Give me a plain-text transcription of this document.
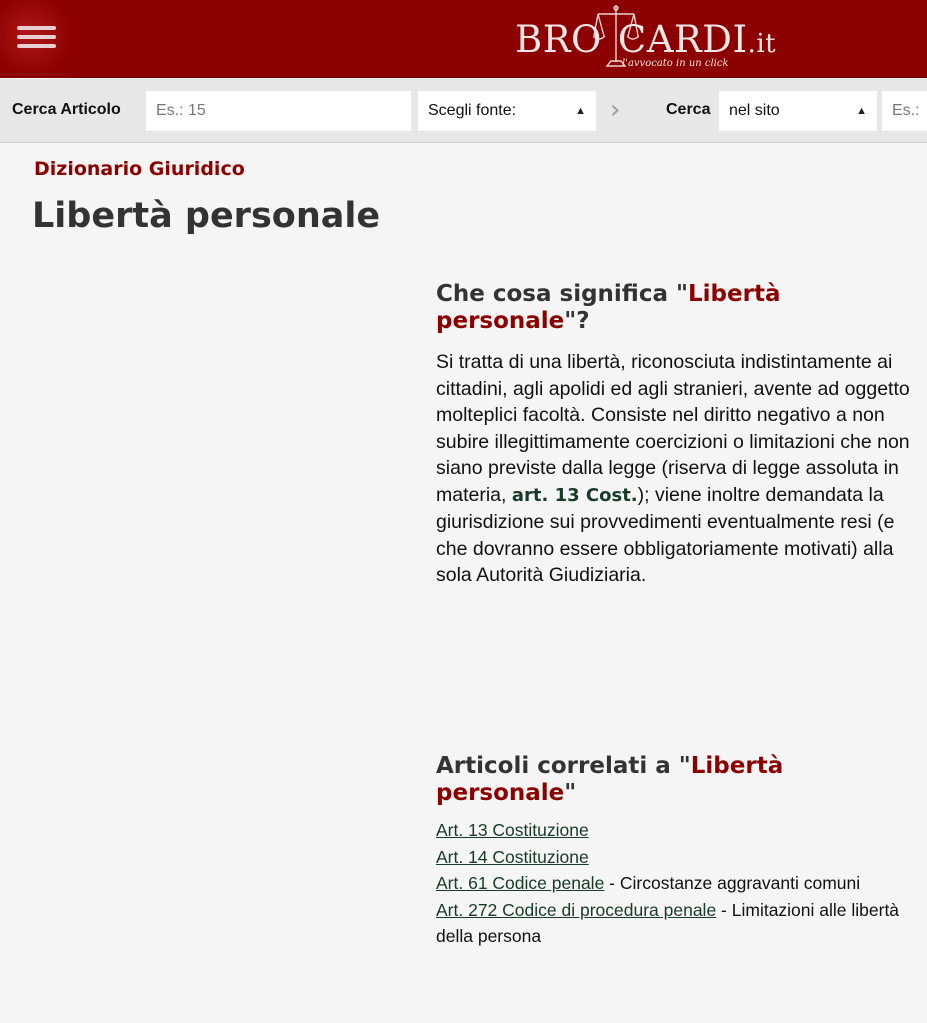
BRO CARDI.it
l'avvocato in un click
Cerca Articolo	Es.: 15	Scegli fonte:	▲ ›	Cerca	nel sito	▲	Es.:
Dizionario Giuridico
Libertà personale
Che cosa significa "Libertà personale"?

Si tratta di una libertà, riconosciuta indistintamente ai cittadini, agli apolidi ed agli stranieri, avente ad oggetto molteplici facoltà. Consiste nel diritto negativo a non subire illegittimamente coercizioni o limitazioni che non siano previste dalla legge (riserva di legge assoluta in materia, art. 13 Cost.); viene inoltre demandata la giurisdizione sui provvedimenti eventualmente resi (e che dovranno essere obbligatoriamente motivati) alla sola Autorità Giudiziaria.

Articoli correlati a "Libertà personale"
Art. 13 Costituzione
Art. 14 Costituzione
Art. 61 Codice penale - Circostanze aggravanti comuni
Art. 272 Codice di procedura penale - Limitazioni alle libertà della persona
